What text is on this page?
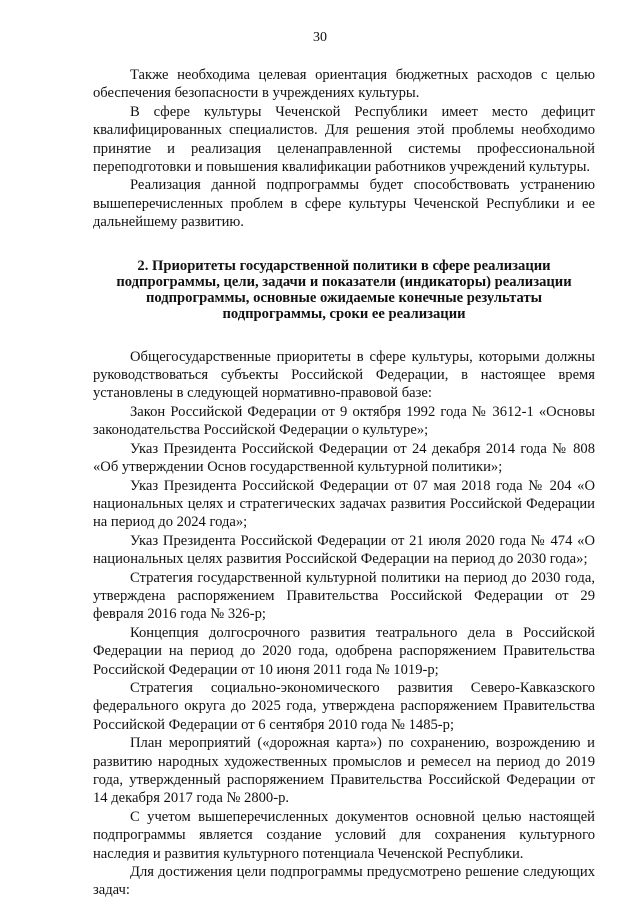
30

Также необходима целевая ориентация бюджетных расходов с целью обеспечения безопасности в учреждениях культуры.

В сфере культуры Чеченской Республики имеет место дефицит квалифицированных специалистов. Для решения этой проблемы необходимо принятие и реализация целенаправленной системы профессиональной переподготовки и повышения квалификации работников учреждений культуры.

Реализация данной подпрограммы будет способствовать устранению вышеперечисленных проблем в сфере культуры Чеченской Республики и ее дальнейшему развитию.

2. Приоритеты государственной политики в сфере реализации подпрограммы, цели, задачи и показатели (индикаторы) реализации подпрограммы, основные ожидаемые конечные результаты подпрограммы, сроки ее реализации

Общегосударственные приоритеты в сфере культуры, которыми должны руководствоваться субъекты Российской Федерации, в настоящее время установлены в следующей нормативно-правовой базе:

Закон Российской Федерации от 9 октября 1992 года № 3612-1 «Основы законодательства Российской Федерации о культуре»;

Указ Президента Российской Федерации от 24 декабря 2014 года № 808 «Об утверждении Основ государственной культурной политики»;

Указ Президента Российской Федерации от 07 мая 2018 года № 204 «О национальных целях и стратегических задачах развития Российской Федерации на период до 2024 года»;

Указ Президента Российской Федерации от 21 июля 2020 года № 474 «О национальных целях развития Российской Федерации на период до 2030 года»;

Стратегия государственной культурной политики на период до 2030 года, утверждена распоряжением Правительства Российской Федерации от 29 февраля 2016 года № 326-р;

Концепция долгосрочного развития театрального дела в Российской Федерации на период до 2020 года, одобрена распоряжением Правительства Российской Федерации от 10 июня 2011 года № 1019-р;

Стратегия социально-экономического развития Северо-Кавказского федерального округа до 2025 года, утверждена распоряжением Правительства Российской Федерации от 6 сентября 2010 года № 1485-р;

План мероприятий («дорожная карта») по сохранению, возрождению и развитию народных художественных промыслов и ремесел на период до 2019 года, утвержденный распоряжением Правительства Российской Федерации от 14 декабря 2017 года № 2800-р.

С учетом вышеперечисленных документов основной целью настоящей подпрограммы является создание условий для сохранения культурного наследия и развития культурного потенциала Чеченской Республики.

Для достижения цели подпрограммы предусмотрено решение следующих задач:
